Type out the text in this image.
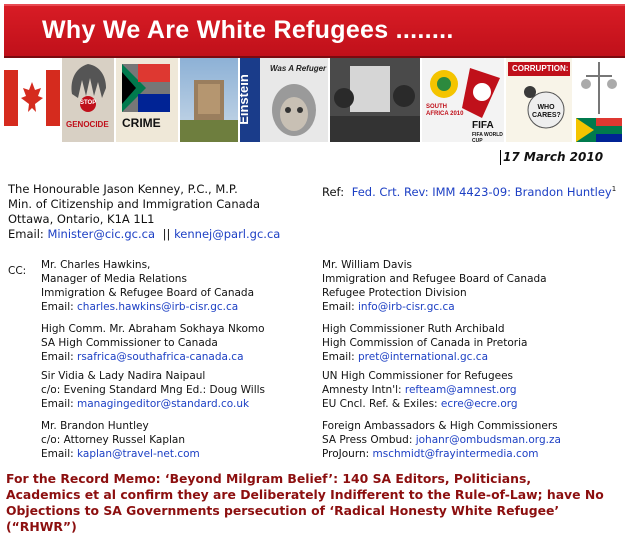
Why We Are White Refugees ........
STOP
GENOCIDE CRIME	Einstein
Was A Refuger
SOUTH AFRICA 2010
FIFA
FIFA WORLD CUP
CORRUPTION:
WHO CARES?
17 March 2010
The Honourable Jason Kenney, P.C., M.P.
Min. of Citizenship and Immigration Canada
Ottawa, Ontario, K1A 1L1
Email: Minister@cic.gc.ca || kennej@parl.gc.ca
Ref: Fed. Crt. Rev: IMM 4423-09: Brandon Huntley$^1$
CC: Mr. Charles Hawkins,
Manager of Media Relations
Immigration & Refugee Board of Canada
Email: charles.hawkins@irb-cisr.gc.ca
High Comm. Mr. Abraham Sokhaya Nkomo
SA High Commissioner to Canada
Email: rsafrica@southafrica-canada.ca
Sir Vidia & Lady Nadira Naipaul
c/o: Evening Standard Mng Ed.: Doug Wills
Email: managingeditor@standard.co.uk
Mr. Brandon Huntley
c/o: Attorney Russel Kaplan
Email: kaplan@travel-net.com
Mr. William Davis
Immigration and Refugee Board of Canada
Refugee Protection Division
Email: info@irb-cisr.gc.ca
High Commissioner Ruth Archibald
High Commission of Canada in Pretoria
Email: pret@international.gc.ca
UN High Commissioner for Refugees
Amnesty Intn'l: refteam@amnest.org
EU Cncl. Ref. & Exiles: ecre@ecre.org
Foreign Ambassadors & High Commissioners
SA Press Ombud: johanr@ombudsman.org.za
ProJourn: mschmidt@frayintermedia.com
For the Record Memo: ‘Beyond Milgram Belief’: 140 SA Editors, Politicians, Academics et al confirm they are Deliberately Indifferent to the Rule-of-Law; have No Objections to SA Governments persecution of ‘Radical Honesty White Refugee’ (“RHWR”)
